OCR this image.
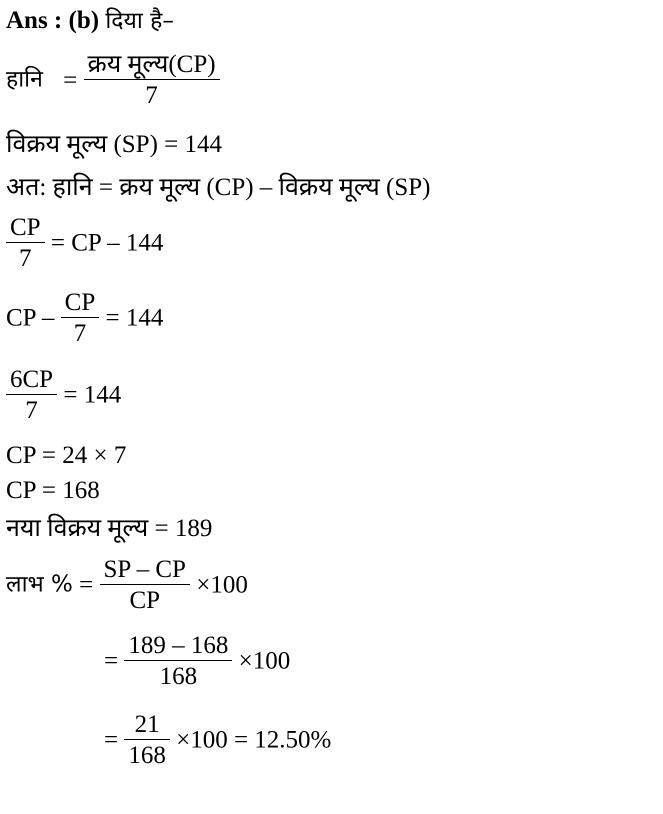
Ans : (b) दिया है–
हानि = $\frac{\text{क्रय मूल्य(CP)}}{7}$
विक्रय मूल्य (SP) = 144
अत: हानि = क्रय मूल्य (CP) – विक्रय मूल्य (SP)
$\frac{CP}{7}$ = CP – 144
CP – $\frac{CP}{7} = 144$
$\frac{6CP}{7} = 144$
CP = 24 × 7
CP = 168
नया विक्रय मूल्य = 189
लाभ % = $\frac{SP - CP}{CP} \times 100$
= $\frac{189 - 168}{168} \times 100$
= $\frac{21}{168} \times 100 = 12.50\%$
